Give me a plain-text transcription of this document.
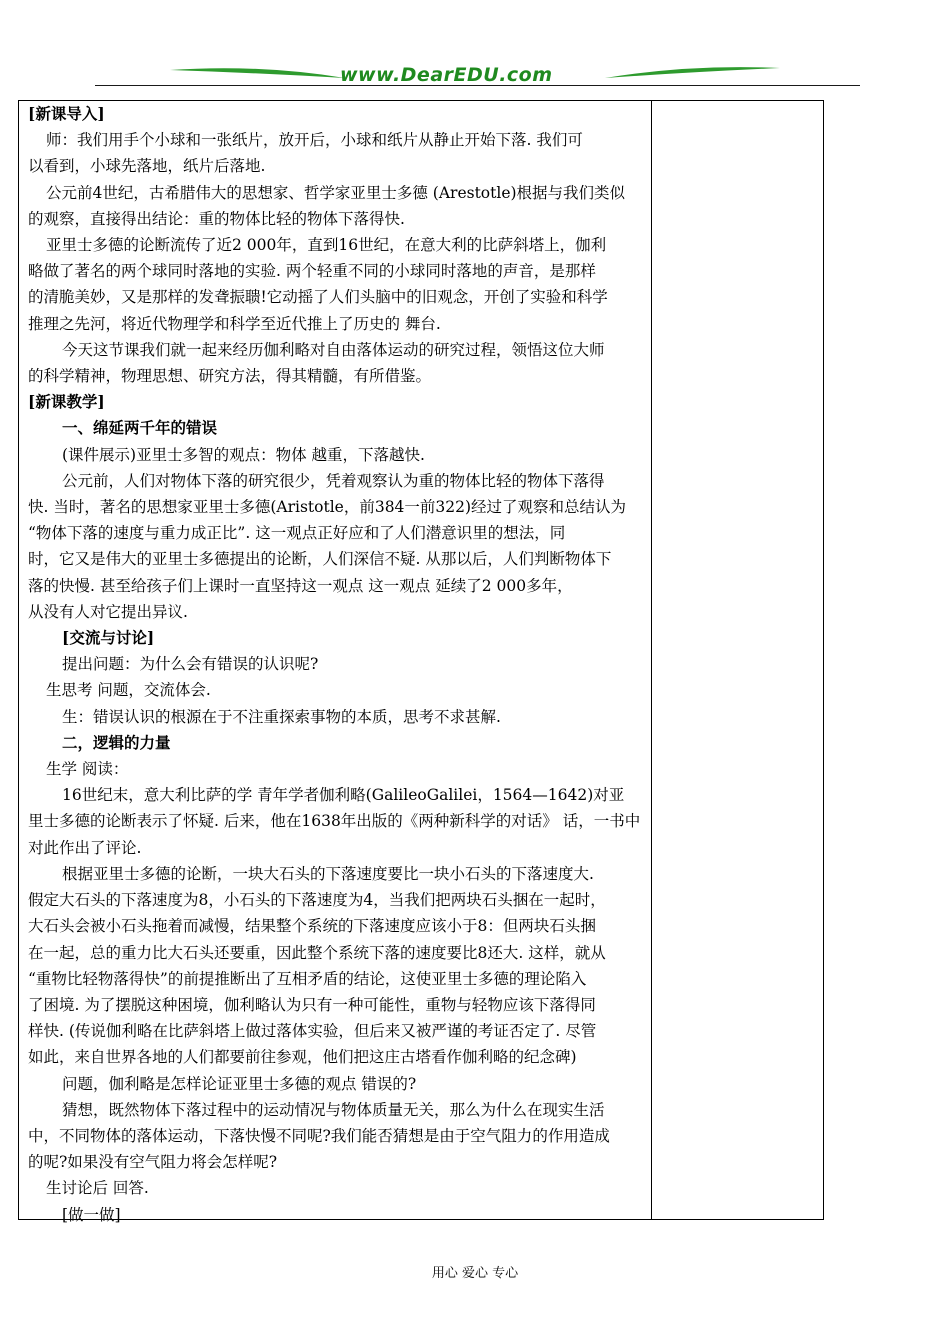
www.DearEDU.com

[新课导入]

师：我们用手个小球和一张纸片，放开后，小球和纸片从静止开始下落. 我们可

以看到，小球先落地，纸片后落地.

公元前4世纪，古希腊伟大的思想家、哲学家亚里士多德 (Arestotle)根据与我们类似

的观察，直接得出结论：重的物体比轻的物体下落得快.

亚里士多德的论断流传了近2 000年，直到16世纪，在意大利的比萨斜塔上，伽利

略做了著名的两个球同时落地的实验. 两个轻重不同的小球同时落地的声音，是那样

的清脆美妙，又是那样的发聋振聩!它动摇了人们头脑中的旧观念，开创了实验和科学

推理之先河，将近代物理学和科学至近代推上了历史的 舞台.

今天这节课我们就一起来经历伽利略对自由落体运动的研究过程，领悟这位大师

的科学精神，物理思想、研究方法，得其精髓，有所借鉴。

[新课教学]

一、绵延两千年的错误

(课件展示)亚里士多智的观点：物体 越重，下落越快.

公元前，人们对物体下落的研究很少，凭着观察认为重的物体比轻的物体下落得

快. 当时，著名的思想家亚里士多德(Aristotle，前384一前322)经过了观察和总结认为

“物体下落的速度与重力成正比”. 这一观点正好应和了人们潜意识里的想法，同

时，它又是伟大的亚里士多德提出的论断，人们深信不疑. 从那以后，人们判断物体下

落的快慢. 甚至给孩子们上课时一直坚持这一观点 这一观点 延续了2 000多年，

从没有人对它提出异议.

[交流与讨论]

提出问题：为什么会有错误的认识呢?

生思考 问题，交流体会.

生：错误认识的根源在于不注重探索事物的本质，思考不求甚解.

二，逻辑的力量

生学 阅读：

16世纪末，意大利比萨的学 青年学者伽利略(GalileoGalilei，1564—1642)对亚

里士多德的论断表示了怀疑. 后来，他在1638年出版的《两种新科学的对话》 话，一书中

对此作出了评论.

根据亚里士多德的论断，一块大石头的下落速度要比一块小石头的下落速度大.

假定大石头的下落速度为8，小石头的下落速度为4，当我们把两块石头捆在一起时，

大石头会被小石头拖着而减慢，结果整个系统的下落速度应该小于8：但两块石头捆

在一起，总的重力比大石头还要重，因此整个系统下落的速度要比8还大. 这样，就从

“重物比轻物落得快”的前提推断出了互相矛盾的结论，这使亚里士多德的理论陷入

了困境. 为了摆脱这种困境，伽利略认为只有一种可能性，重物与轻物应该下落得同

样快. (传说伽利略在比萨斜塔上做过落体实验，但后来又被严谨的考证否定了. 尽管

如此，来自世界各地的人们都要前往参观，他们把这庄古塔看作伽利略的纪念碑)

问题，伽利略是怎样论证亚里士多德的观点 错误的?

猜想，既然物体下落过程中的运动情况与物体质量无关，那么为什么在现实生活

中，不同物体的落体运动，下落快慢不同呢?我们能否猜想是由于空气阻力的作用造成

的呢?如果没有空气阻力将会怎样呢?

生讨论后 回答.

[做一做]

用心 爱心 专心
